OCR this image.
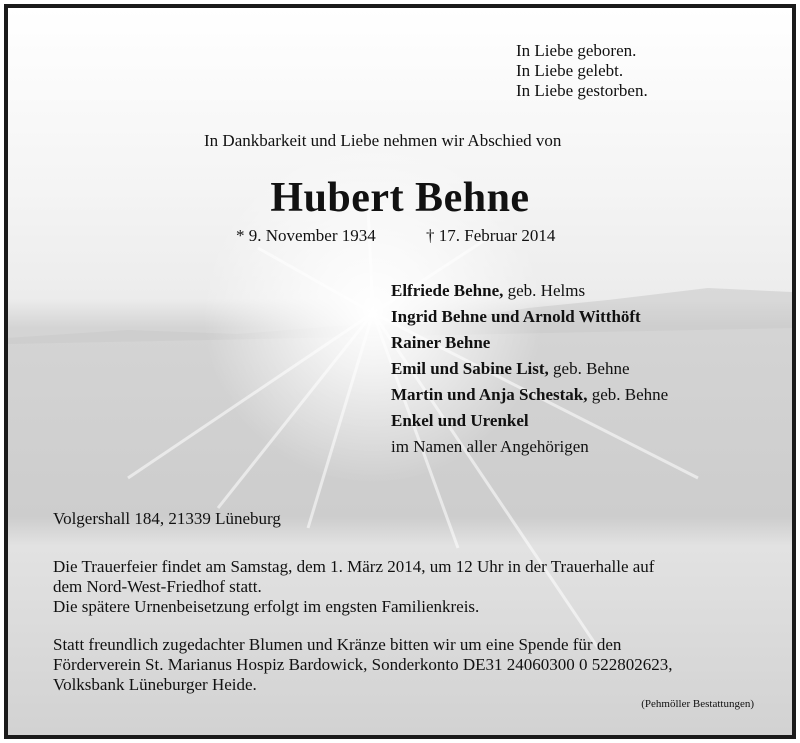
In Liebe geboren.
In Liebe gelebt.
In Liebe gestorben.
In Dankbarkeit und Liebe nehmen wir Abschied von
Hubert Behne
* 9. November 1934	† 17. Februar 2014
Elfriede Behne, geb. Helms
Ingrid Behne und Arnold Witthöft
Rainer Behne
Emil und Sabine List, geb. Behne
Martin und Anja Schestak, geb. Behne
Enkel und Urenkel
im Namen aller Angehörigen
Volgershall 184, 21339 Lüneburg
Die Trauerfeier findet am Samstag, dem 1. März 2014, um 12 Uhr in der Trauerhalle auf
dem Nord-West-Friedhof statt.
Die spätere Urnenbeisetzung erfolgt im engsten Familienkreis.
Statt freundlich zugedachter Blumen und Kränze bitten wir um eine Spende für den
Förderverein St. Marianus Hospiz Bardowick, Sonderkonto DE31 24060300 0 522802623,
Volksbank Lüneburger Heide.
(Pehmöller Bestattungen)
